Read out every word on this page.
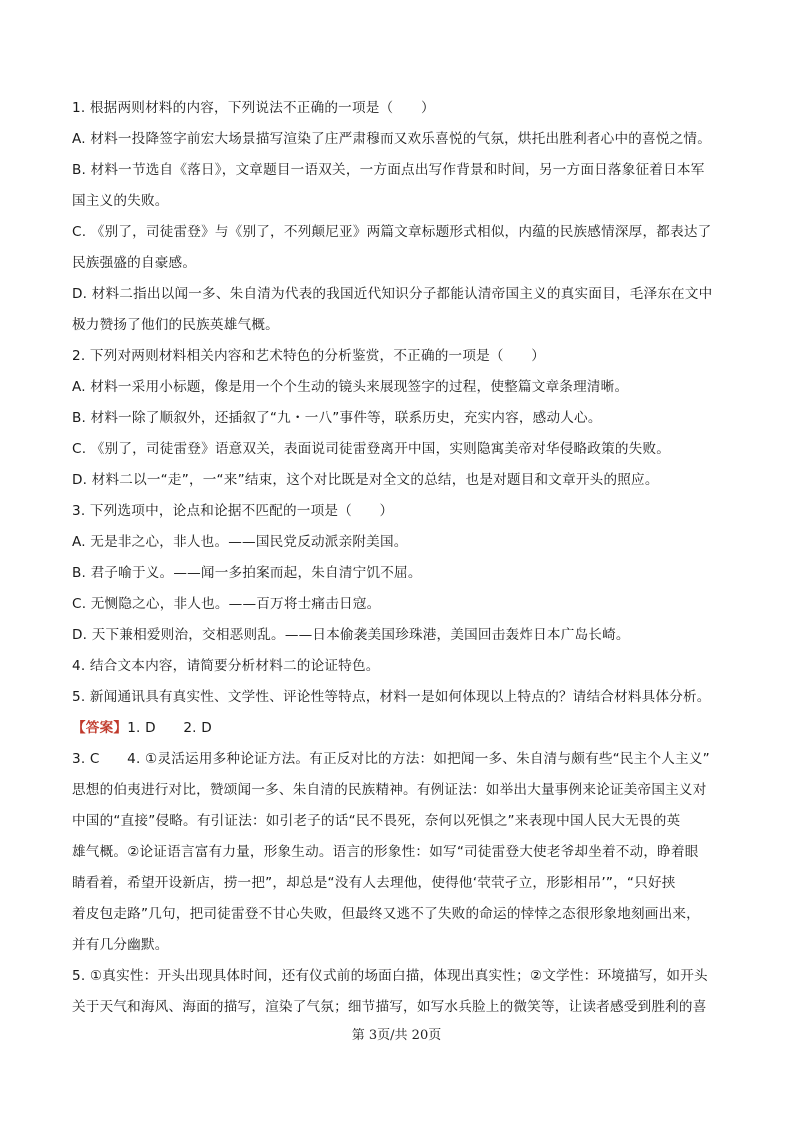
1. 根据两则材料的内容，下列说法不正确的一项是（　　）
A. 材料一投降签字前宏大场景描写渲染了庄严肃穆而又欢乐喜悦的气氛，烘托出胜利者心中的喜悦之情。
B. 材料一节选自《落日》，文章题目一语双关，一方面点出写作背景和时间，另一方面日落象征着日本军
国主义的失败。
C. 《别了，司徒雷登》与《别了，不列颠尼亚》两篇文章标题形式相似，内蕴的民族感情深厚，都表达了
民族强盛的自豪感。
D. 材料二指出以闻一多、朱自清为代表的我国近代知识分子都能认清帝国主义的真实面目，毛泽东在文中
极力赞扬了他们的民族英雄气概。
2. 下列对两则材料相关内容和艺术特色的分析鉴赏，不正确的一项是（　　）
A. 材料一采用小标题，像是用一个个生动的镜头来展现签字的过程，使整篇文章条理清晰。
B. 材料一除了顺叙外，还插叙了“九・一八”事件等，联系历史，充实内容，感动人心。
C. 《别了，司徒雷登》语意双关，表面说司徒雷登离开中国，实则隐寓美帝对华侵略政策的失败。
D. 材料二以一“走”，一“来”结束，这个对比既是对全文的总结，也是对题目和文章开头的照应。
3. 下列选项中，论点和论据不匹配的一项是（　　）
A. 无是非之心，非人也。——国民党反动派亲附美国。
B. 君子喻于义。——闻一多拍案而起，朱自清宁饥不屈。
C. 无恻隐之心，非人也。——百万将士痛击日寇。
D. 天下兼相爱则治，交相恶则乱。——日本偷袭美国珍珠港，美国回击轰炸日本广岛长崎。
4. 结合文本内容，请简要分析材料二的论证特色。
5. 新闻通讯具有真实性、文学性、评论性等特点，材料一是如何体现以上特点的？请结合材料具体分析。
【答案】1. D　　2. D
3. C　　4. ①灵活运用多种论证方法。有正反对比的方法：如把闻一多、朱自清与颇有些“民主个人主义”
思想的伯夷进行对比，赞颂闻一多、朱自清的民族精神。有例证法：如举出大量事例来论证美帝国主义对
中国的“直接”侵略。有引证法：如引老子的话“民不畏死，奈何以死惧之”来表现中国人民大无畏的英
雄气概。②论证语言富有力量，形象生动。语言的形象性：如写“司徒雷登大使老爷却坐着不动，睁着眼
睛看着，希望开设新店，捞一把”，却总是“没有人去理他，使得他‘茕茕孑立，形影相吊’”，“只好挟
着皮包走路”几句，把司徒雷登不甘心失败，但最终又逃不了失败的命运的悻悻之态很形象地刻画出来，
并有几分幽默。
5. ①真实性：开头出现具体时间，还有仪式前的场面白描，体现出真实性；②文学性：环境描写，如开头
关于天气和海风、海面的描写，渲染了气氛；细节描写，如写水兵脸上的微笑等，让读者感受到胜利的喜
第 3页/共 20页
